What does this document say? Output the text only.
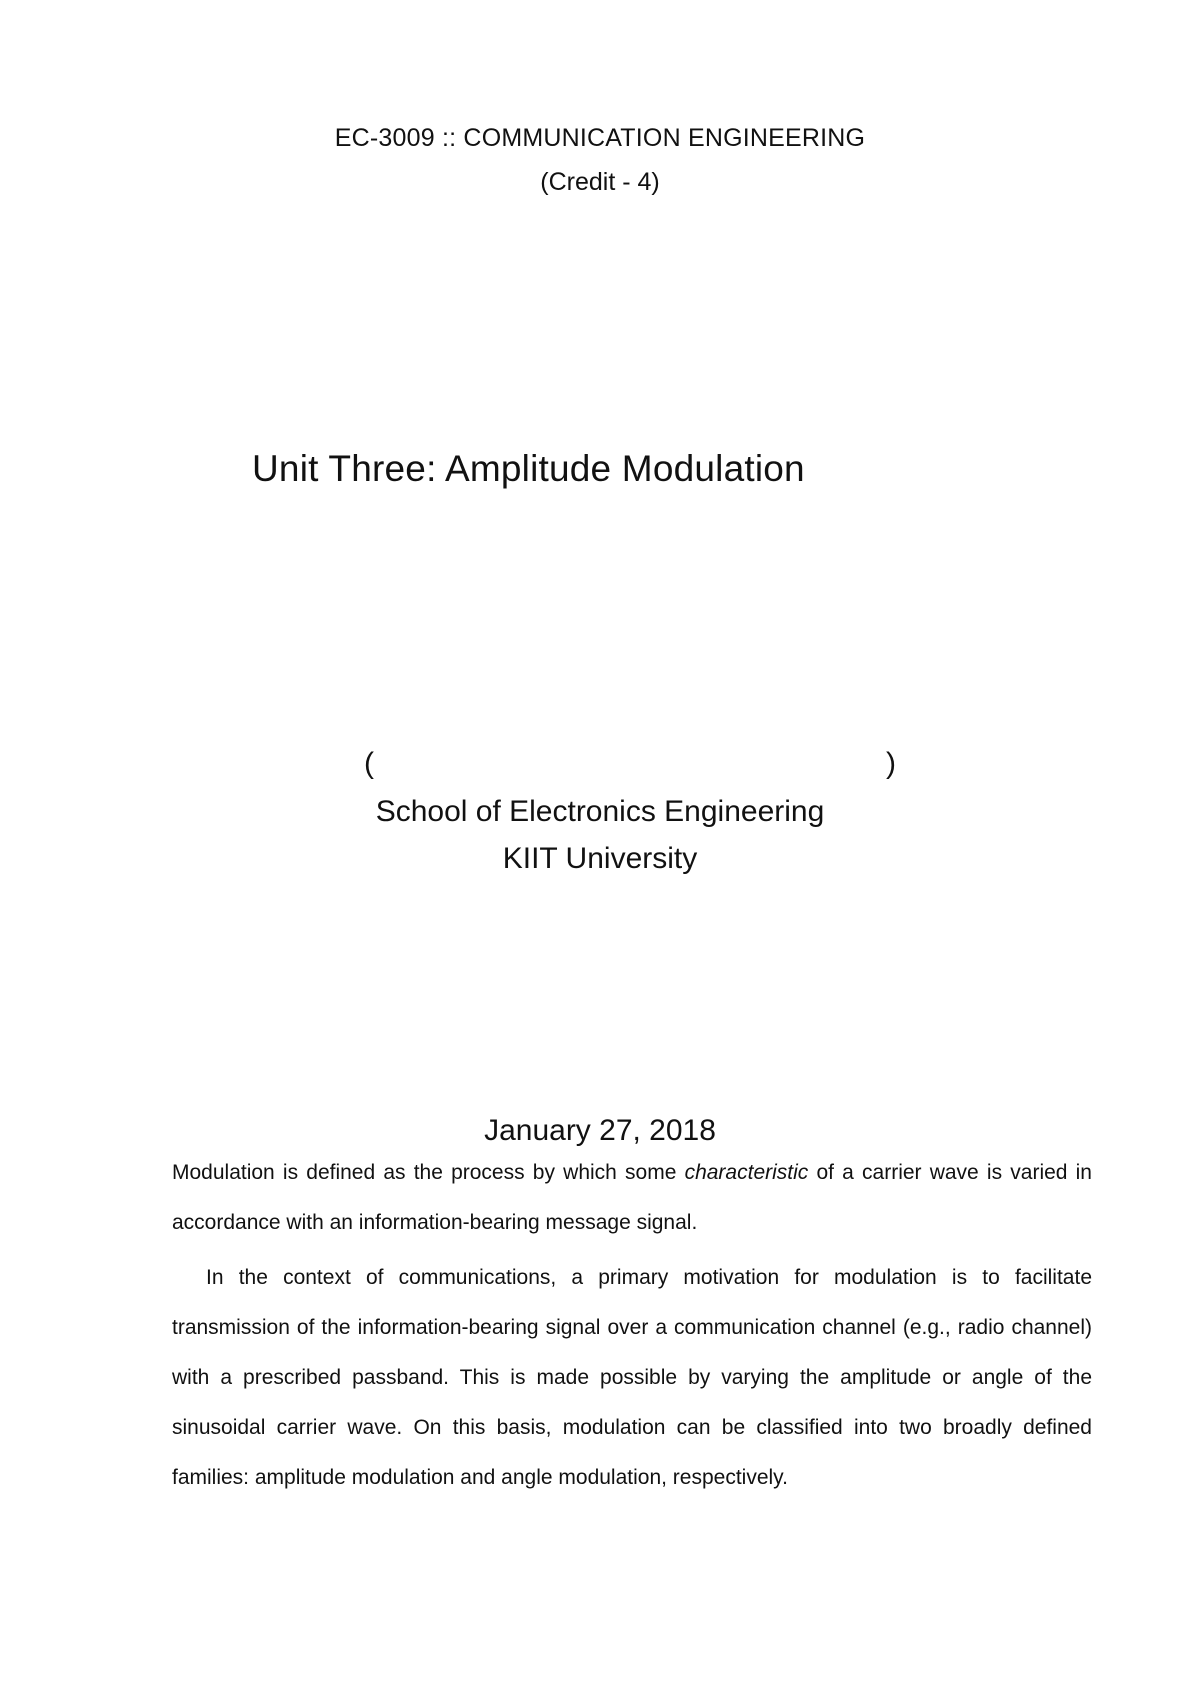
EC-3009 :: COMMUNICATION ENGINEERING
(Credit - 4)
Unit Three: Amplitude Modulation
(	)
School of Electronics Engineering
KIIT University
January 27, 2018

Modulation is defined as the process by which some characteristic of a carrier wave is varied in accordance with an information-bearing message signal.

In the context of communications, a primary motivation for modulation is to facilitate transmission of the information-bearing signal over a communication channel (e.g., radio channel) with a prescribed passband. This is made possible by varying the amplitude or angle of the sinusoidal carrier wave. On this basis, modulation can be classified into two broadly defined families: amplitude modulation and angle modulation, respectively.
